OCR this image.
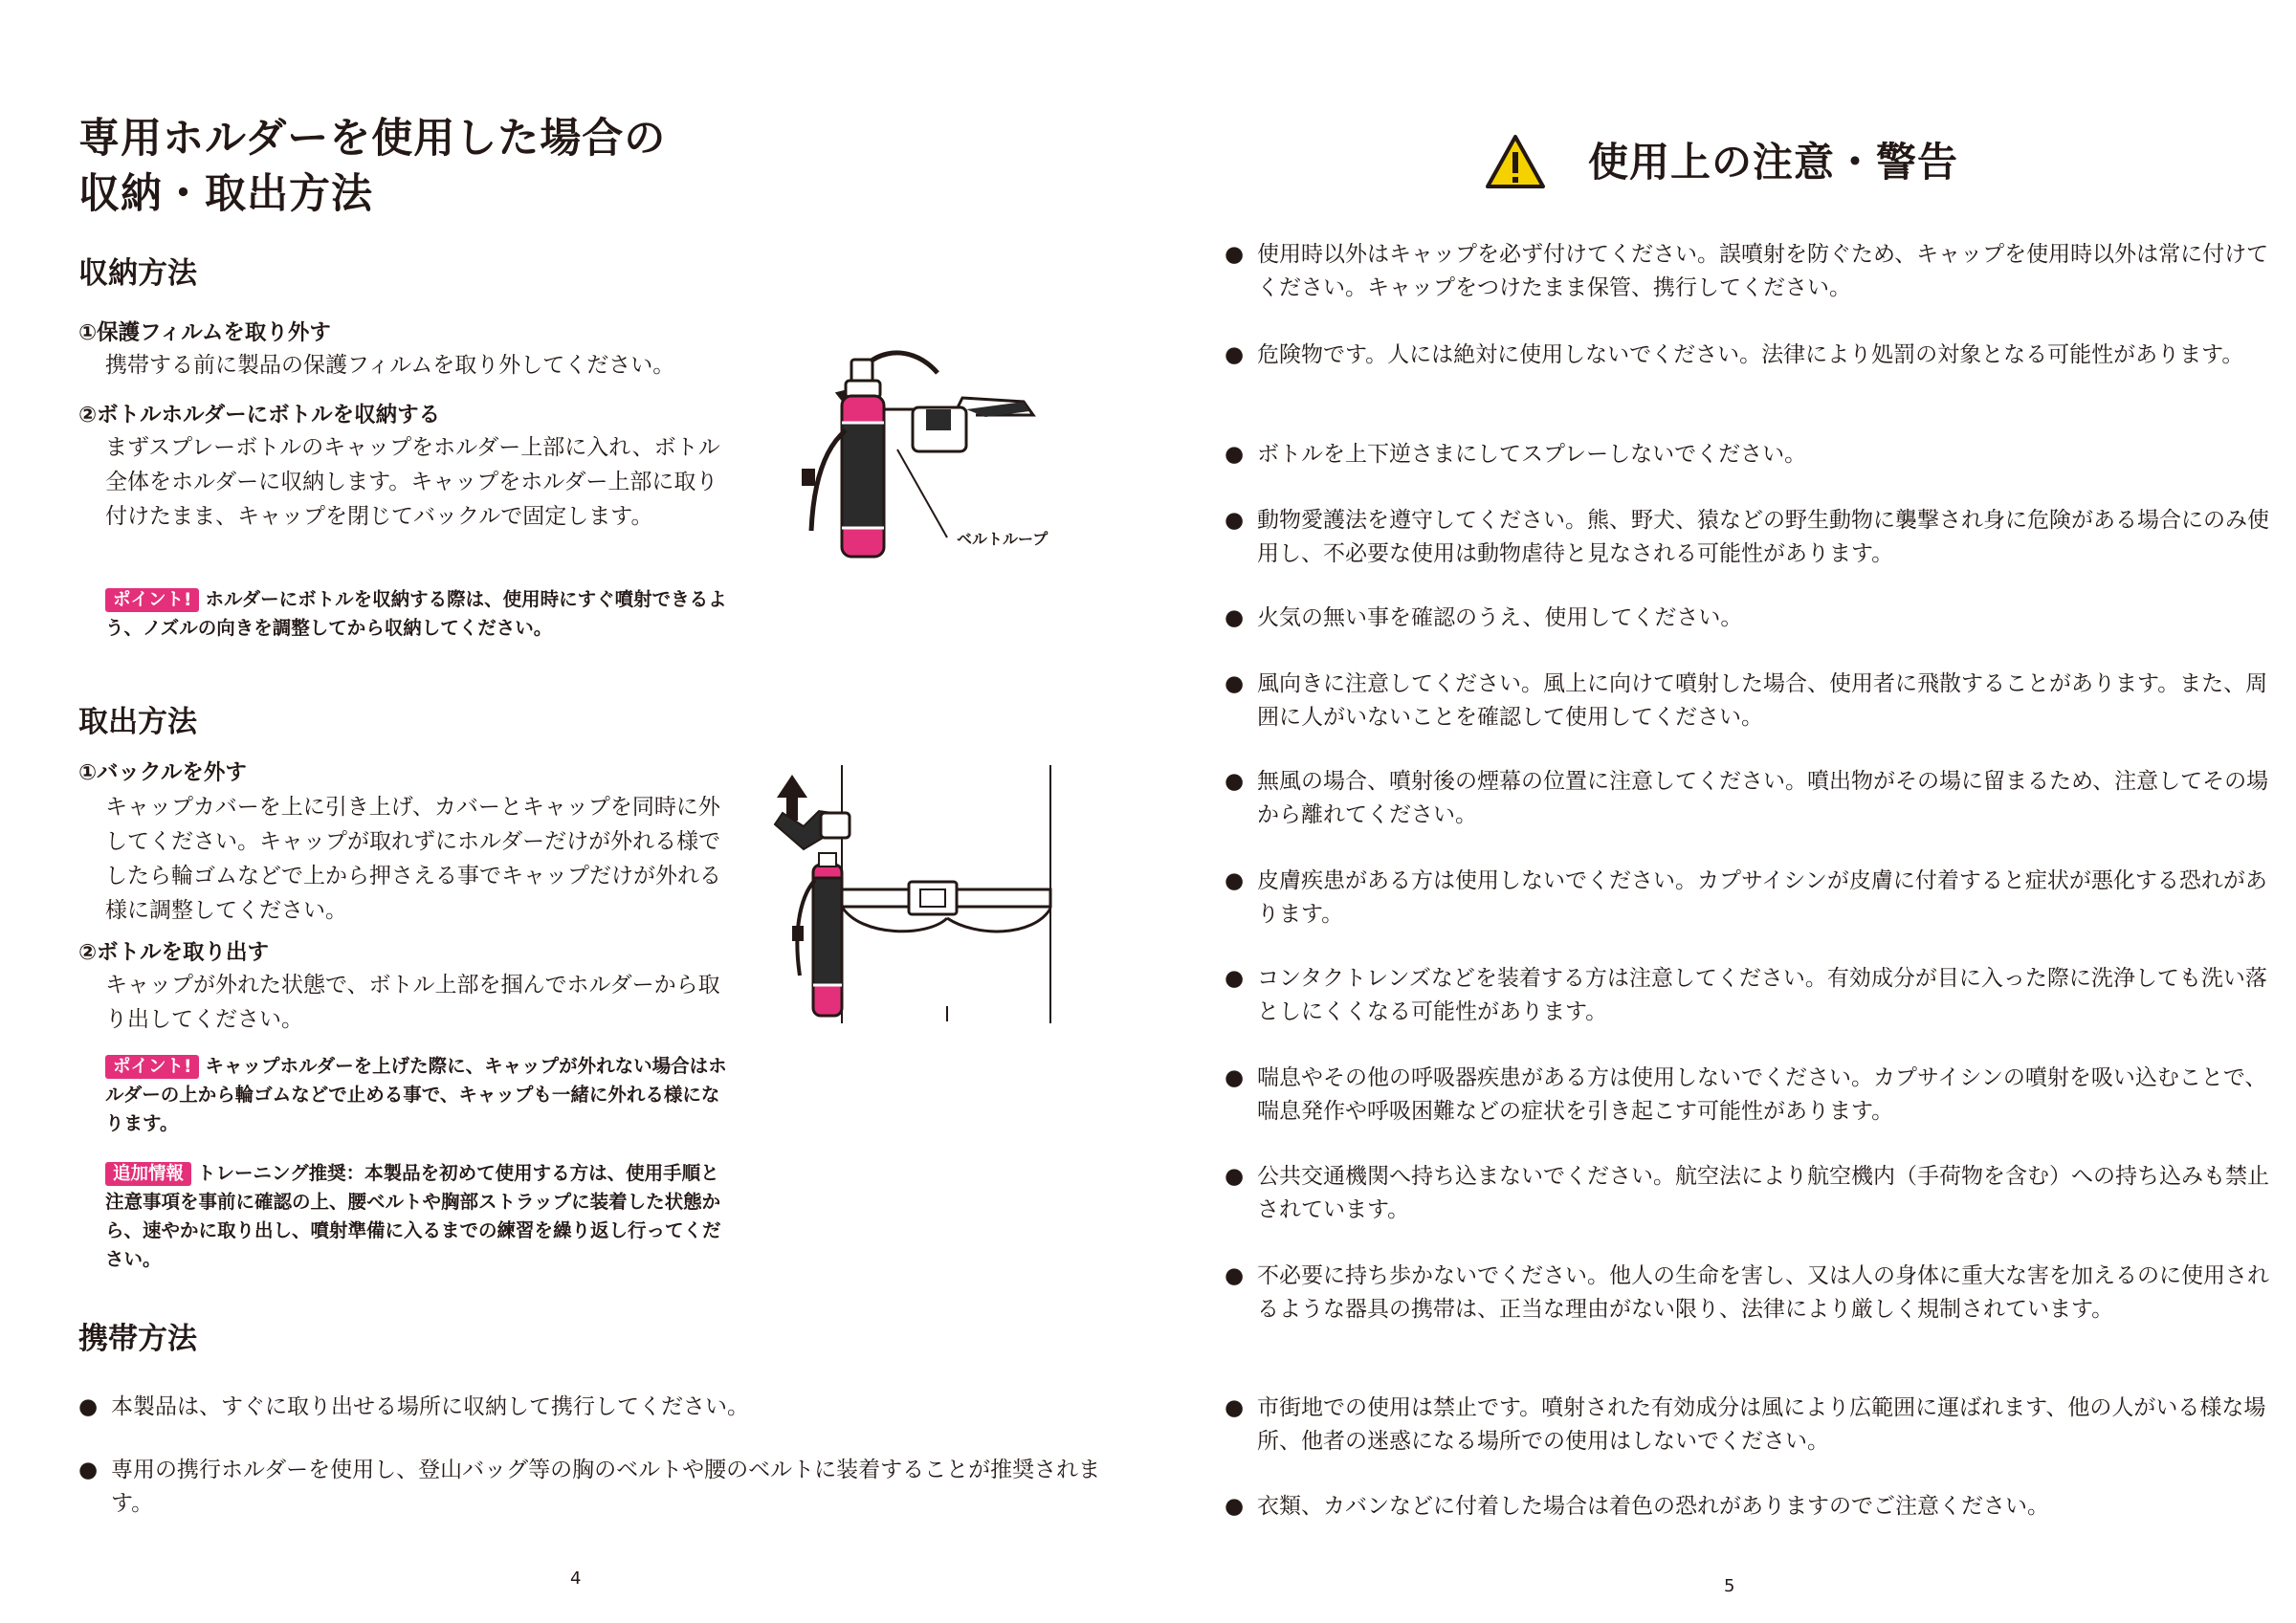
専用ホルダーを使用した場合の
収納・取出方法
収納方法
①保護フィルムを取り外す
携帯する前に製品の保護フィルムを取り外してください。
②ボトルホルダーにボトルを収納する
まずスプレーボトルのキャップをホルダー上部に入れ、ボトル全体をホルダーに収納します。キャップをホルダー上部に取り付けたまま、キャップを閉じてバックルで固定します。
ポイント! ホルダーにボトルを収納する際は、使用時にすぐ噴射できるよう、ノズルの向きを調整してから収納してください。
ベルトループ
取出方法
①バックルを外す
キャップカバーを上に引き上げ、カバーとキャップを同時に外してください。キャップが取れずにホルダーだけが外れる様でしたら輪ゴムなどで上から押さえる事でキャップだけが外れる様に調整してください。
②ボトルを取り出す
キャップが外れた状態で、ボトル上部を掴んでホルダーから取り出してください。
ポイント! キャップホルダーを上げた際に、キャップが外れない場合はホルダーの上から輪ゴムなどで止める事で、キャップも一緒に外れる様になります。
追加情報 トレーニング推奨：本製品を初めて使用する方は、使用手順と注意事項を事前に確認の上、腰ベルトや胸部ストラップに装着した状態から、速やかに取り出し、噴射準備に入るまでの練習を繰り返し行ってください。
携帯方法
● 本製品は、すぐに取り出せる場所に収納して携行してください。
● 専用の携行ホルダーを使用し、登山バッグ等の胸のベルトや腰のベルトに装着することが推奨されます。
4
使用上の注意・警告
● 使用時以外はキャップを必ず付けてください。誤噴射を防ぐため、キャップを使用時以外は常に付けてください。キャップをつけたまま保管、携行してください。
● 危険物です。人には絶対に使用しないでください。法律により処罰の対象となる可能性があります。
● ボトルを上下逆さまにしてスプレーしないでください。
● 動物愛護法を遵守してください。熊、野犬、猿などの野生動物に襲撃され身に危険がある場合にのみ使用し、不必要な使用は動物虐待と見なされる可能性があります。
● 火気の無い事を確認のうえ、使用してください。
● 風向きに注意してください。風上に向けて噴射した場合、使用者に飛散することがあります。また、周囲に人がいないことを確認して使用してください。
● 無風の場合、噴射後の煙幕の位置に注意してください。噴出物がその場に留まるため、注意してその場から離れてください。
● 皮膚疾患がある方は使用しないでください。カプサイシンが皮膚に付着すると症状が悪化する恐れがあります。
● コンタクトレンズなどを装着する方は注意してください。有効成分が目に入った際に洗浄しても洗い落としにくくなる可能性があります。
● 喘息やその他の呼吸器疾患がある方は使用しないでください。カプサイシンの噴射を吸い込むことで、喘息発作や呼吸困難などの症状を引き起こす可能性があります。
● 公共交通機関へ持ち込まないでください。航空法により航空機内（手荷物を含む）への持ち込みも禁止されています。
● 不必要に持ち歩かないでください。他人の生命を害し、又は人の身体に重大な害を加えるのに使用されるような器具の携帯は、正当な理由がない限り、法律により厳しく規制されています。
● 市街地での使用は禁止です。噴射された有効成分は風により広範囲に運ばれます、他の人がいる様な場所、他者の迷惑になる場所での使用はしないでください。
● 衣類、カバンなどに付着した場合は着色の恐れがありますのでご注意ください。
5
